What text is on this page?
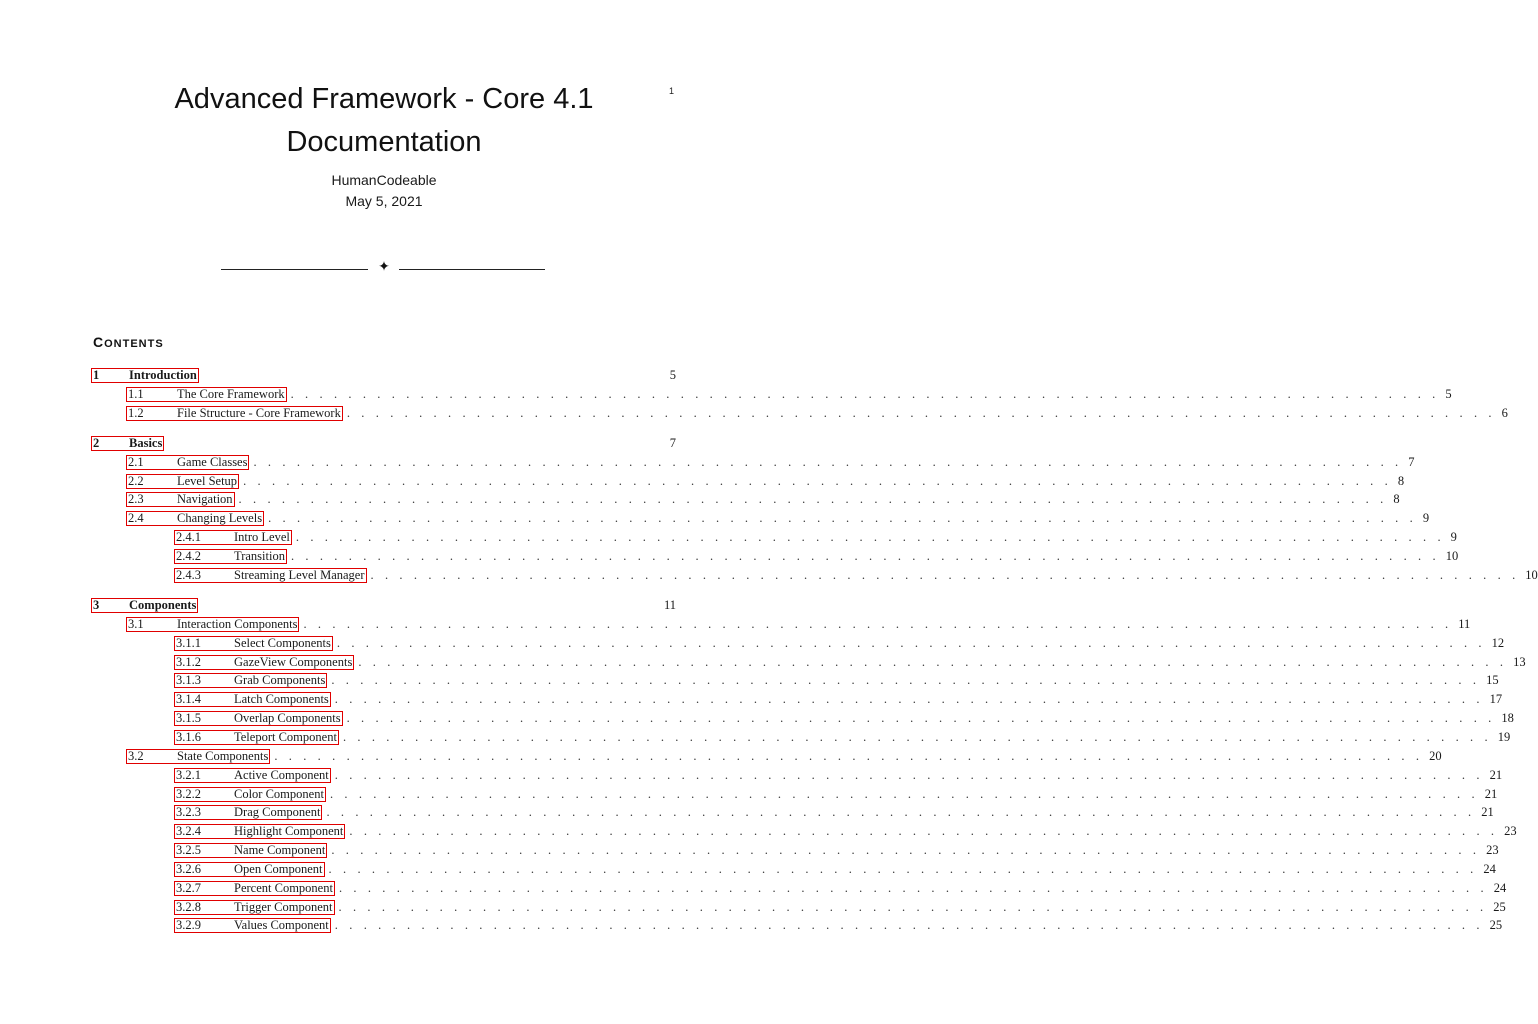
Advanced Framework - Core 4.1
Documentation
1
HumanCodeable
May 5, 2021
✦
CONTENTS
1	Introduction	5
1.1	The Core Framework . . . . . . . . . . . . . . . . . . . . . . . . . . . . . . . . . . . . . . . . . . . . . . . . . . . . . . . . . . . . . . . . . . . . . . . . . . . . . . . . 5
1.2	File Structure - Core Framework . . . . . . . . . . . . . . . . . . . . . . . . . . . . . . . . . . . . . . . . . . . . . . . . . . . . . . . . . . . . . . . . . . . . . . . . . . . . . . . . 6
2	Basics	7
2.1	Game Classes . . . . . . . . . . . . . . . . . . . . . . . . . . . . . . . . . . . . . . . . . . . . . . . . . . . . . . . . . . . . . . . . . . . . . . . . . . . . . . . . 7
2.2	Level Setup . . . . . . . . . . . . . . . . . . . . . . . . . . . . . . . . . . . . . . . . . . . . . . . . . . . . . . . . . . . . . . . . . . . . . . . . . . . . . . . . 8
2.3	Navigation . . . . . . . . . . . . . . . . . . . . . . . . . . . . . . . . . . . . . . . . . . . . . . . . . . . . . . . . . . . . . . . . . . . . . . . . . . . . . . . . 8
2.4	Changing Levels . . . . . . . . . . . . . . . . . . . . . . . . . . . . . . . . . . . . . . . . . . . . . . . . . . . . . . . . . . . . . . . . . . . . . . . . . . . . . . . . 9
2.4.1	Intro Level . . . . . . . . . . . . . . . . . . . . . . . . . . . . . . . . . . . . . . . . . . . . . . . . . . . . . . . . . . . . . . . . . . . . . . . . . . . . . . . . 9
2.4.2	Transition . . . . . . . . . . . . . . . . . . . . . . . . . . . . . . . . . . . . . . . . . . . . . . . . . . . . . . . . . . . . . . . . . . . . . . . . . . . . . . . . 10
2.4.3	Streaming Level Manager . . . . . . . . . . . . . . . . . . . . . . . . . . . . . . . . . . . . . . . . . . . . . . . . . . . . . . . . . . . . . . . . . . . . . . . . . . . . . . . . 10
3	Components	11
3.1	Interaction Components . . . . . . . . . . . . . . . . . . . . . . . . . . . . . . . . . . . . . . . . . . . . . . . . . . . . . . . . . . . . . . . . . . . . . . . . . . . . . . . . 11
3.1.1	Select Components . . . . . . . . . . . . . . . . . . . . . . . . . . . . . . . . . . . . . . . . . . . . . . . . . . . . . . . . . . . . . . . . . . . . . . . . . . . . . . . . 12
3.1.2	GazeView Components . . . . . . . . . . . . . . . . . . . . . . . . . . . . . . . . . . . . . . . . . . . . . . . . . . . . . . . . . . . . . . . . . . . . . . . . . . . . . . . . 13
3.1.3	Grab Components . . . . . . . . . . . . . . . . . . . . . . . . . . . . . . . . . . . . . . . . . . . . . . . . . . . . . . . . . . . . . . . . . . . . . . . . . . . . . . . . 15
3.1.4	Latch Components . . . . . . . . . . . . . . . . . . . . . . . . . . . . . . . . . . . . . . . . . . . . . . . . . . . . . . . . . . . . . . . . . . . . . . . . . . . . . . . . 17
3.1.5	Overlap Components . . . . . . . . . . . . . . . . . . . . . . . . . . . . . . . . . . . . . . . . . . . . . . . . . . . . . . . . . . . . . . . . . . . . . . . . . . . . . . . . 18
3.1.6	Teleport Component . . . . . . . . . . . . . . . . . . . . . . . . . . . . . . . . . . . . . . . . . . . . . . . . . . . . . . . . . . . . . . . . . . . . . . . . . . . . . . . . 19
3.2	State Components . . . . . . . . . . . . . . . . . . . . . . . . . . . . . . . . . . . . . . . . . . . . . . . . . . . . . . . . . . . . . . . . . . . . . . . . . . . . . . . . 20
3.2.1	Active Component . . . . . . . . . . . . . . . . . . . . . . . . . . . . . . . . . . . . . . . . . . . . . . . . . . . . . . . . . . . . . . . . . . . . . . . . . . . . . . . . 21
3.2.2	Color Component . . . . . . . . . . . . . . . . . . . . . . . . . . . . . . . . . . . . . . . . . . . . . . . . . . . . . . . . . . . . . . . . . . . . . . . . . . . . . . . . 21
3.2.3	Drag Component . . . . . . . . . . . . . . . . . . . . . . . . . . . . . . . . . . . . . . . . . . . . . . . . . . . . . . . . . . . . . . . . . . . . . . . . . . . . . . . . 21
3.2.4	Highlight Component . . . . . . . . . . . . . . . . . . . . . . . . . . . . . . . . . . . . . . . . . . . . . . . . . . . . . . . . . . . . . . . . . . . . . . . . . . . . . . . . 23
3.2.5	Name Component . . . . . . . . . . . . . . . . . . . . . . . . . . . . . . . . . . . . . . . . . . . . . . . . . . . . . . . . . . . . . . . . . . . . . . . . . . . . . . . . 23
3.2.6	Open Component . . . . . . . . . . . . . . . . . . . . . . . . . . . . . . . . . . . . . . . . . . . . . . . . . . . . . . . . . . . . . . . . . . . . . . . . . . . . . . . . 24
3.2.7	Percent Component . . . . . . . . . . . . . . . . . . . . . . . . . . . . . . . . . . . . . . . . . . . . . . . . . . . . . . . . . . . . . . . . . . . . . . . . . . . . . . . . 24
3.2.8	Trigger Component . . . . . . . . . . . . . . . . . . . . . . . . . . . . . . . . . . . . . . . . . . . . . . . . . . . . . . . . . . . . . . . . . . . . . . . . . . . . . . . . 25
3.2.9	Values Component . . . . . . . . . . . . . . . . . . . . . . . . . . . . . . . . . . . . . . . . . . . . . . . . . . . . . . . . . . . . . . . . . . . . . . . . . . . . . . . . 25
